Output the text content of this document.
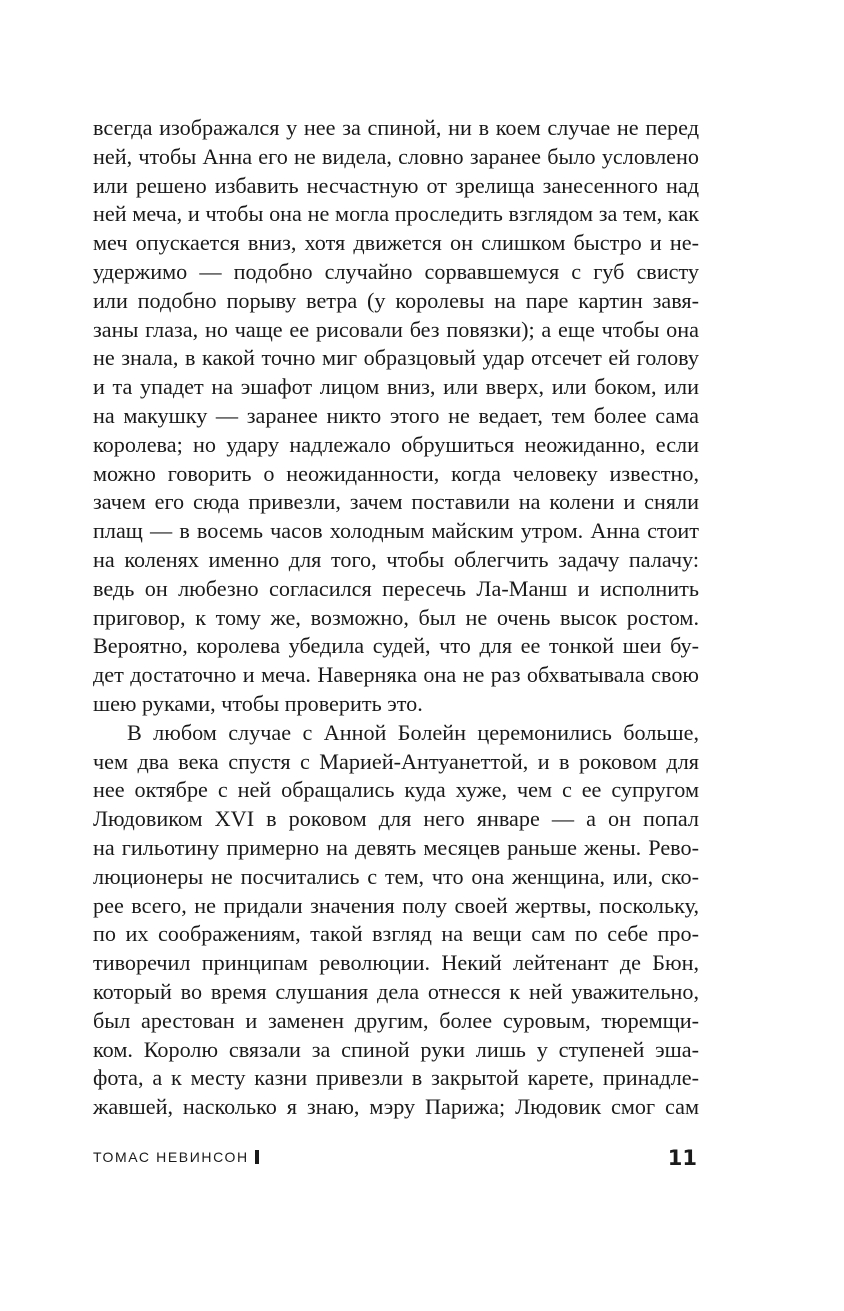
всегда изображался у нее за спиной, ни в коем случае не перед
ней, чтобы Анна его не видела, словно заранее было условлено
или решено избавить несчастную от зрелища занесенного над
ней меча, и чтобы она не могла проследить взглядом за тем, как
меч опускается вниз, хотя движется он слишком быстро и не-
удержимо — подобно случайно сорвавшемуся с губ свисту
или подобно порыву ветра (у королевы на паре картин завя-
заны глаза, но чаще ее рисовали без повязки); а еще чтобы она
не знала, в какой точно миг образцовый удар отсечет ей голову
и та упадет на эшафот лицом вниз, или вверх, или боком, или
на макушку — заранее никто этого не ведает, тем более сама
королева; но удару надлежало обрушиться неожиданно, если
можно говорить о неожиданности, когда человеку известно,
зачем его сюда привезли, зачем поставили на колени и сняли
плащ — в восемь часов холодным майским утром. Анна стоит
на коленях именно для того, чтобы облегчить задачу палачу:
ведь он любезно согласился пересечь Ла-Манш и исполнить
приговор, к тому же, возможно, был не очень высок ростом.
Вероятно, королева убедила судей, что для ее тонкой шеи бу-
дет достаточно и меча. Наверняка она не раз обхватывала свою
шею руками, чтобы проверить это.
В любом случае с Анной Болейн церемонились больше,
чем два века спустя с Марией-Антуанеттой, и в роковом для
нее октябре с ней обращались куда хуже, чем с ее супругом
Людовиком XVI в роковом для него январе — а он попал
на гильотину примерно на девять месяцев раньше жены. Рево-
люционеры не посчитались с тем, что она женщина, или, ско-
рее всего, не придали значения полу своей жертвы, поскольку,
по их соображениям, такой взгляд на вещи сам по себе про-
тиворечил принципам революции. Некий лейтенант де Бюн,
который во время слушания дела отнесся к ней уважительно,
был арестован и заменен другим, более суровым, тюремщи-
ком. Королю связали за спиной руки лишь у ступеней эша-
фота, а к месту казни привезли в закрытой карете, принадле-
жавшей, насколько я знаю, мэру Парижа; Людовик смог сам
ТОМАС НЕВИНСОН	11
